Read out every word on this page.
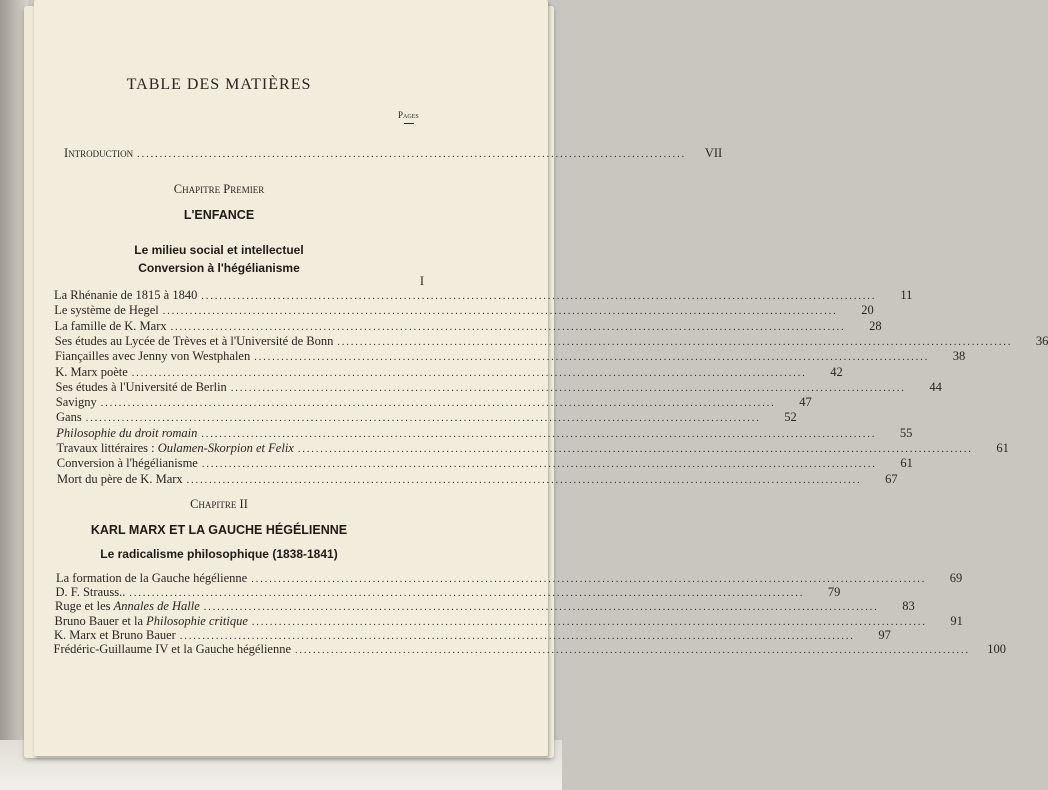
TABLE DES MATIÈRES
Pages
Introduction ..........................................................................................................................	VII
Chapitre Premier
L'ENFANCE
Le milieu social et intellectuel
Conversion à l'hégélianisme
I
La Rhénanie de 1815 à 1840 ......................................................................................................................................................	11
Le système de Hegel ......................................................................................................................................................	20
La famille de K. Marx ......................................................................................................................................................	28
Ses études au Lycée de Trèves et à l'Université de Bonn ......................................................................................................................................................	36
Fiançailles avec Jenny von Westphalen ......................................................................................................................................................	38
K. Marx poète ......................................................................................................................................................	42
Ses études à l'Université de Berlin ......................................................................................................................................................	44
Savigny ......................................................................................................................................................	47
Gans ......................................................................................................................................................	52
Philosophie du droit romain ......................................................................................................................................................	55
Travaux littéraires : Oulamen-Skorpion et Felix ......................................................................................................................................................	61
Conversion à l'hégélianisme ......................................................................................................................................................	61
Mort du père de K. Marx ......................................................................................................................................................	67
Chapitre II
KARL MARX ET LA GAUCHE HÉGÉLIENNE
Le radicalisme philosophique (1838-1841)
La formation de la Gauche hégélienne ......................................................................................................................................................	69
D. F. Strauss.. ......................................................................................................................................................	79
Ruge et les Annales de Halle ......................................................................................................................................................	83
Bruno Bauer et la Philosophie critique ......................................................................................................................................................	91
K. Marx et Bruno Bauer ......................................................................................................................................................	97
Frédéric-Guillaume IV et la Gauche hégélienne ......................................................................................................................................................	100
